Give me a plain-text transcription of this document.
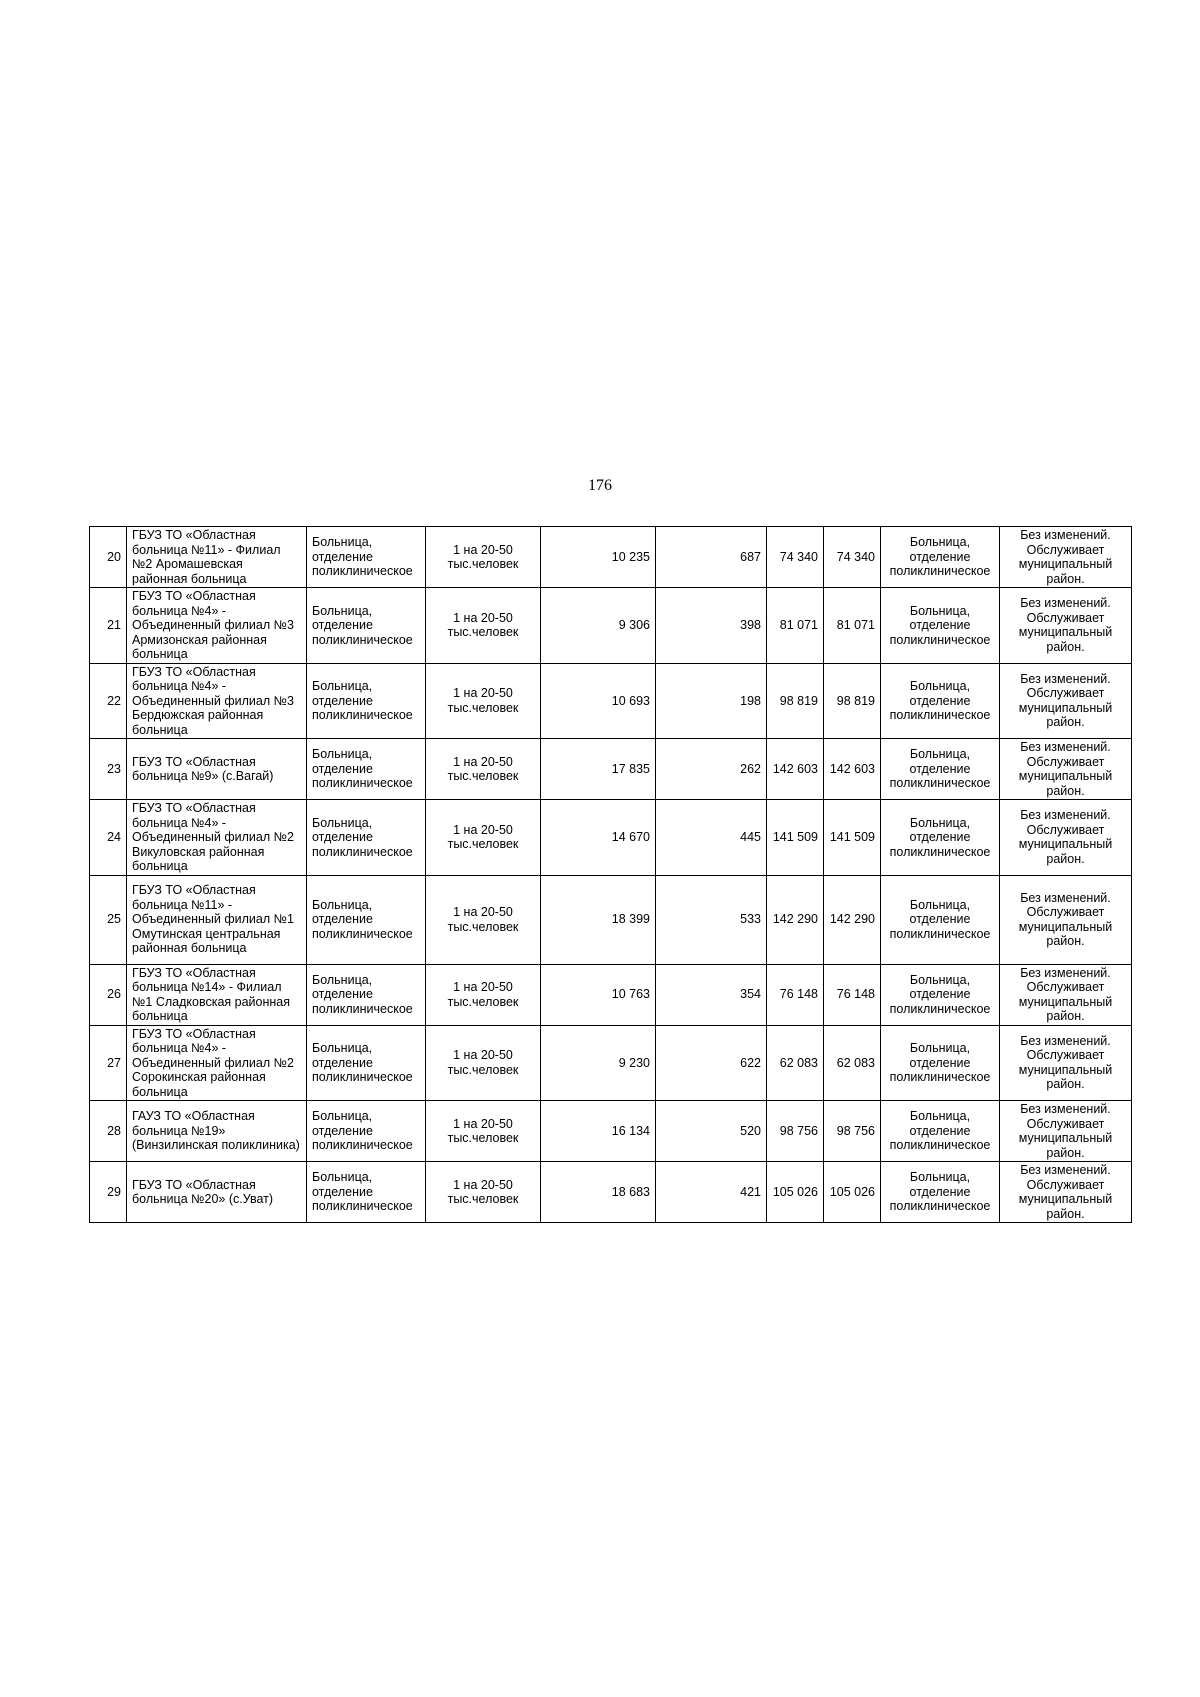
176
20	ГБУЗ ТО «Областная больница №11» - Филиал №2 Аромашевская районная больница	Больница, отделение поликлиническое	1 на 20-50 тыс.человек	10 235	687	74 340	74 340	Больница, отделение поликлиническое	Без изменений. Обслуживает муниципальный район.
21	ГБУЗ ТО «Областная больница №4» - Объединенный филиал №3 Армизонская районная больница	Больница, отделение поликлиническое	1 на 20-50 тыс.человек	9 306	398	81 071	81 071	Больница, отделение поликлиническое	Без изменений. Обслуживает муниципальный район.
22	ГБУЗ ТО «Областная больница №4» - Объединенный филиал №3 Бердюжская районная больница	Больница, отделение поликлиническое	1 на 20-50 тыс.человек	10 693	198	98 819	98 819	Больница, отделение поликлиническое	Без изменений. Обслуживает муниципальный район.
23	ГБУЗ ТО «Областная больница №9» (с.Вагай)	Больница, отделение поликлиническое	1 на 20-50 тыс.человек	17 835	262	142 603	142 603	Больница, отделение поликлиническое	Без изменений. Обслуживает муниципальный район.
24	ГБУЗ ТО «Областная больница №4» - Объединенный филиал №2 Викуловская районная больница	Больница, отделение поликлиническое	1 на 20-50 тыс.человек	14 670	445	141 509	141 509	Больница, отделение поликлиническое	Без изменений. Обслуживает муниципальный район.
25	ГБУЗ ТО «Областная больница №11» - Объединенный филиал №1 Омутинская центральная районная больница	Больница, отделение поликлиническое	1 на 20-50 тыс.человек	18 399	533	142 290	142 290	Больница, отделение поликлиническое	Без изменений. Обслуживает муниципальный район.
26	ГБУЗ ТО «Областная больница №14» - Филиал №1 Сладковская районная больница	Больница, отделение поликлиническое	1 на 20-50 тыс.человек	10 763	354	76 148	76 148	Больница, отделение поликлиническое	Без изменений. Обслуживает муниципальный район.
27	ГБУЗ ТО «Областная больница №4» - Объединенный филиал №2 Сорокинская районная больница	Больница, отделение поликлиническое	1 на 20-50 тыс.человек	9 230	622	62 083	62 083	Больница, отделение поликлиническое	Без изменений. Обслуживает муниципальный район.
28	ГАУЗ ТО «Областная больница №19» (Винзилинская поликлиника)	Больница, отделение поликлиническое	1 на 20-50 тыс.человек	16 134	520	98 756	98 756	Больница, отделение поликлиническое	Без изменений. Обслуживает муниципальный район.
29	ГБУЗ ТО «Областная больница №20» (с.Уват)	Больница, отделение поликлиническое	1 на 20-50 тыс.человек	18 683	421	105 026	105 026	Больница, отделение поликлиническое	Без изменений. Обслуживает муниципальный район.
